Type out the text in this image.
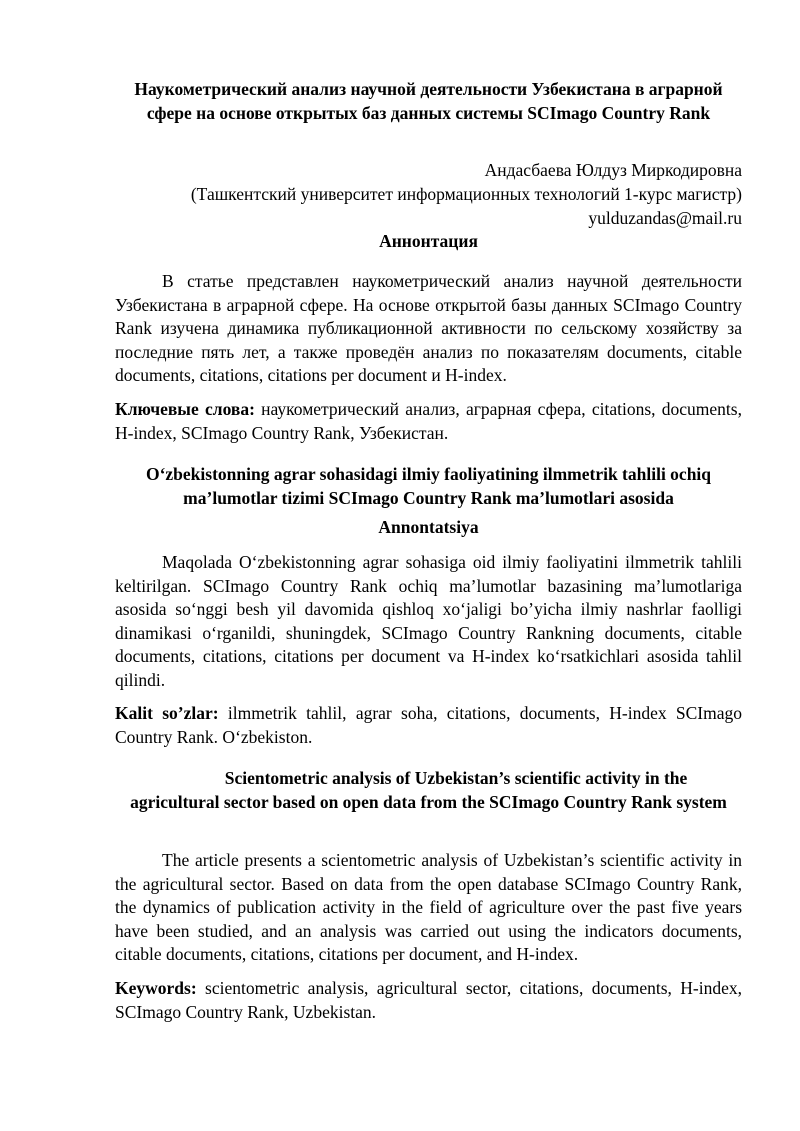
Наукометрический анализ научной деятельности Узбекистана в аграрной сфере на основе открытых баз данных системы SCImago Country Rank

Андасбаева Юлдуз Миркодировна

(Ташкентский университет информационных технологий 1-курс магистр)

yulduzandas@mail.ru

Аннонтация

В статье представлен наукометрический анализ научной деятельности Узбекистана в аграрной сфере. На основе открытой базы данных SCImago Country Rank изучена динамика публикационной активности по сельскому хозяйству за последние пять лет, а также проведён анализ по показателям documents, citable documents, citations, citations per document и H-index.

Ключевые слова: наукометрический анализ, аграрная сфера, citations, documents, H-index, SCImago Country Rank, Узбекистан.

O‘zbekistonning agrar sohasidagi ilmiy faoliyatining ilmmetrik tahlili ochiq ma’lumotlar tizimi SCImago Country Rank ma’lumotlari asosida

Annontatsiya

Maqolada O‘zbekistonning agrar sohasiga oid ilmiy faoliyatini ilmmetrik tahlili keltirilgan. SCImago Country Rank ochiq ma’lumotlar bazasining ma’lumotlariga asosida so‘nggi besh yil davomida qishloq xo‘jaligi bo’yicha ilmiy nashrlar faolligi dinamikasi o‘rganildi, shuningdek, SCImago Country Rankning documents, citable documents, citations, citations per document va H-index ko‘rsatkichlari asosida tahlil qilindi.

Kalit so’zlar: ilmmetrik tahlil, agrar soha, citations, documents, H-index SCImago Country Rank. O‘zbekiston.

Scientometric analysis of Uzbekistan’s scientific activity in the
agricultural sector based on open data from the SCImago Country Rank system

The article presents a scientometric analysis of Uzbekistan’s scientific activity in the agricultural sector. Based on data from the open database SCImago Country Rank, the dynamics of publication activity in the field of agriculture over the past five years have been studied, and an analysis was carried out using the indicators documents, citable documents, citations, citations per document, and H-index.

Keywords: scientometric analysis, agricultural sector, citations, documents, H-index, SCImago Country Rank, Uzbekistan.
